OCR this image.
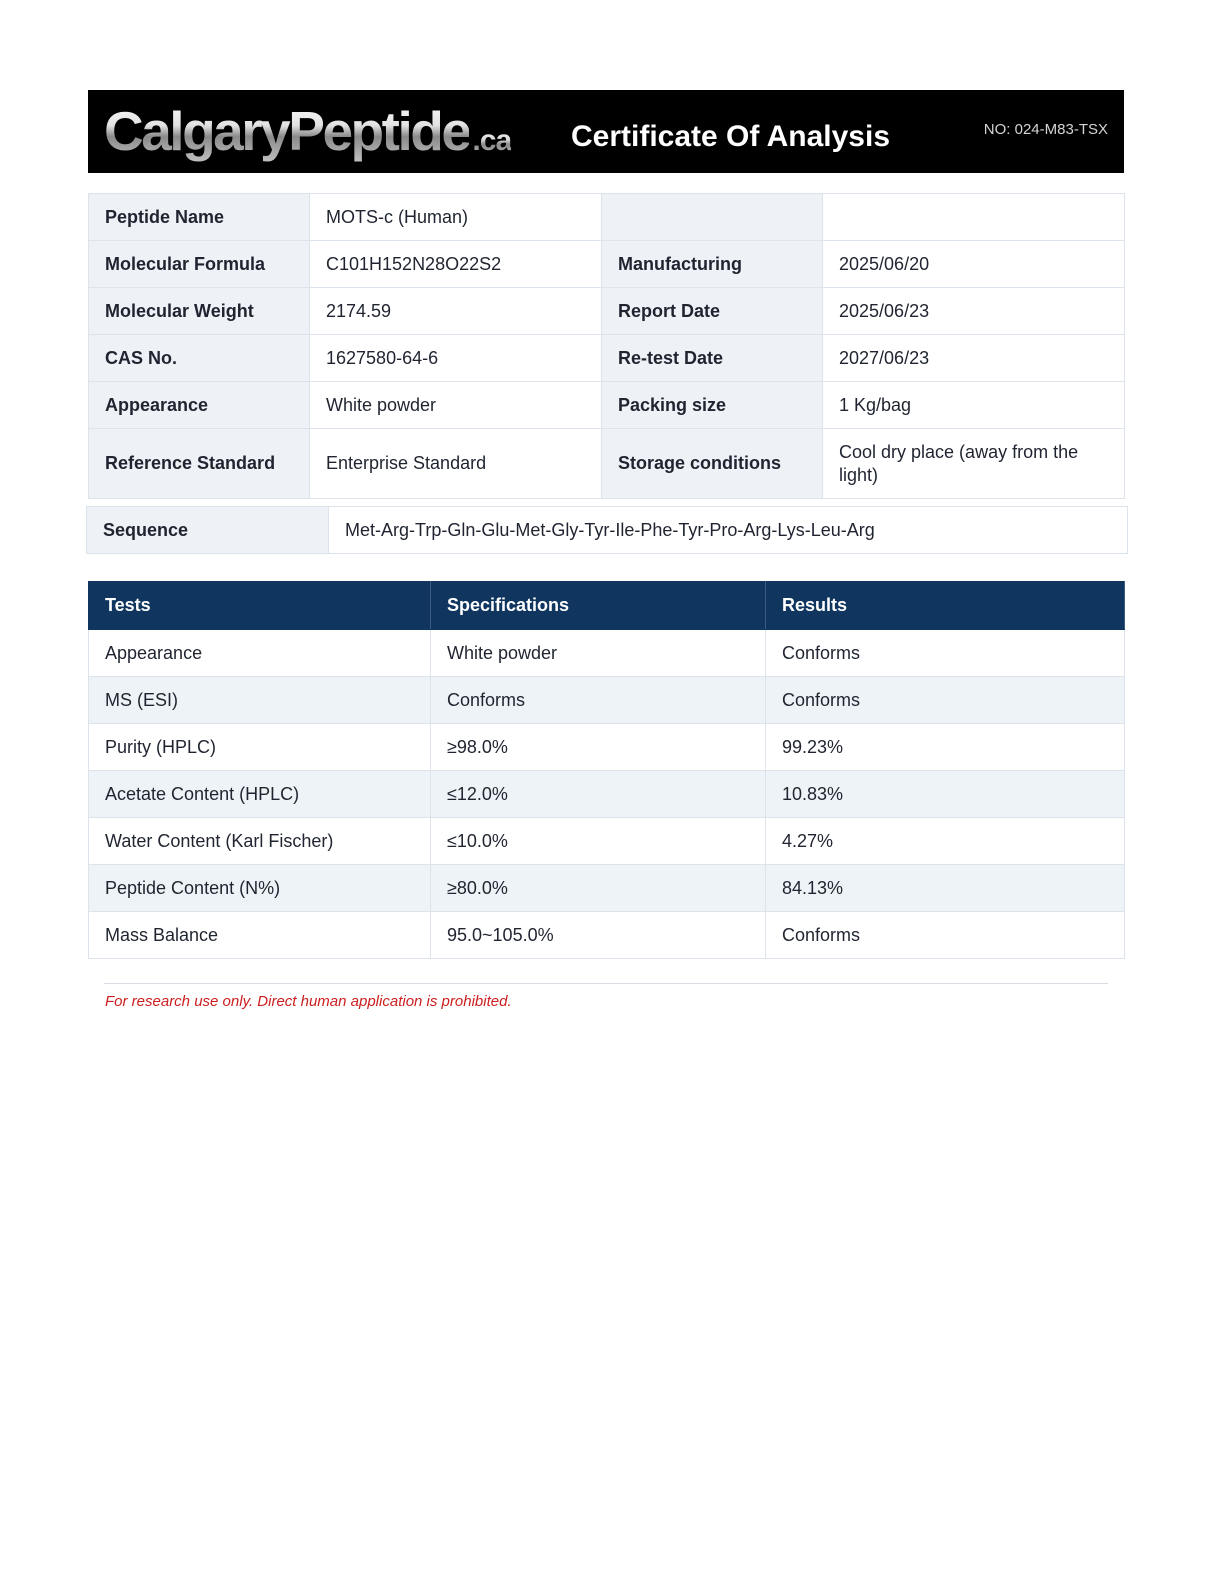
CalgaryPeptide .ca Certificate Of Analysis	NO: 024-M83-TSX
Peptide Name	MOTS-c (Human)		
Molecular Formula	C101H152N28O22S2	Manufacturing	2025/06/20
Molecular Weight	2174.59	Report Date	2025/06/23
CAS No.	1627580-64-6	Re-test Date	2027/06/23
Appearance	White powder	Packing size	1 Kg/bag
Reference Standard	Enterprise Standard	Storage conditions	Cool dry place (away from the light)
Sequence	Met-Arg-Trp-Gln-Glu-Met-Gly-Tyr-Ile-Phe-Tyr-Pro-Arg-Lys-Leu-Arg
Tests	Specifications	Results
Appearance	White powder	Conforms
MS (ESI)	Conforms	Conforms
Purity (HPLC)	≥98.0%	99.23%
Acetate Content (HPLC)	≤12.0%	10.83%
Water Content (Karl Fischer)	≤10.0%	4.27%
Peptide Content (N%)	≥80.0%	84.13%
Mass Balance	95.0~105.0%	Conforms
For research use only. Direct human application is prohibited.
